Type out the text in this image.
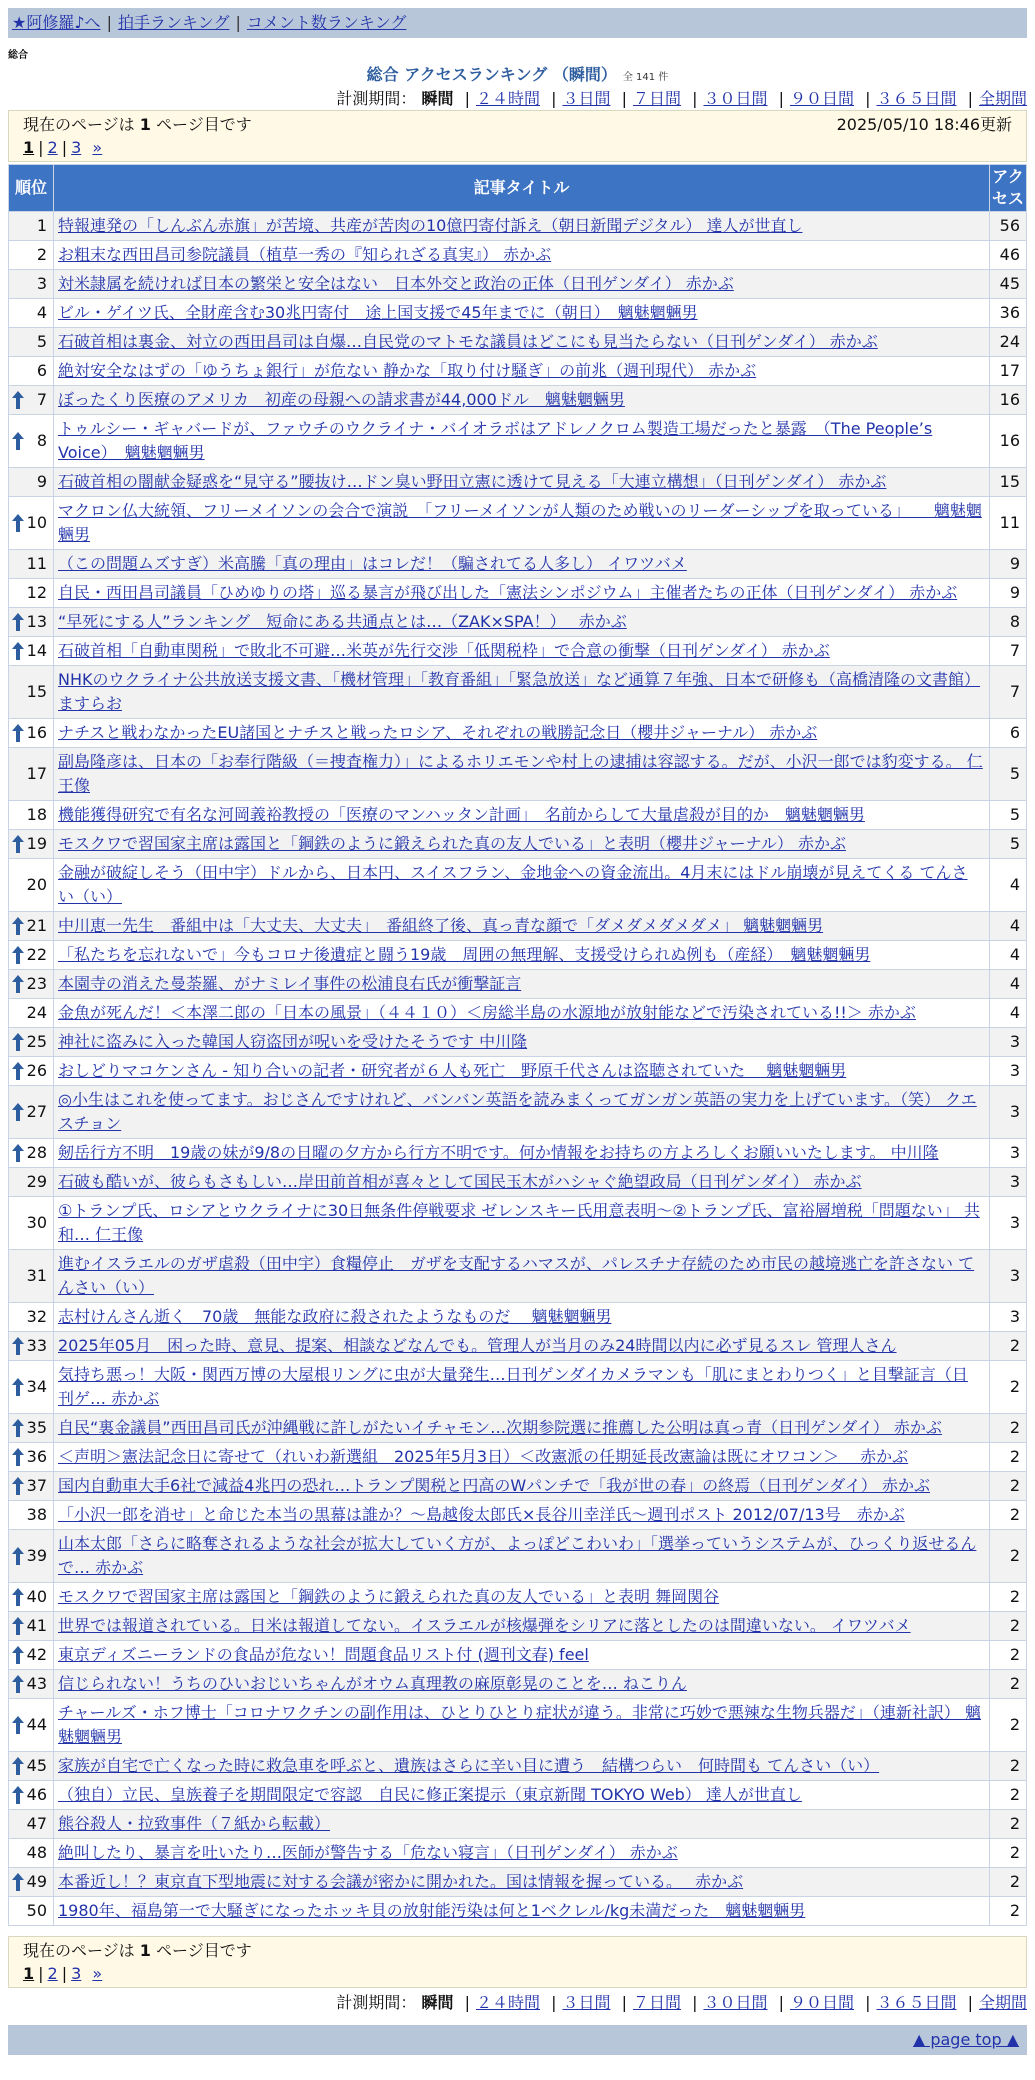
★阿修羅♪へ | 拍手ランキング | コメント数ランキング
総合
総合 アクセスランキング （瞬間） 全 141 件
計測期間： 瞬間 | ２４時間 | ３日間 | ７日間 | ３０日間 | ９０日間 | ３６５日間 | 全期間
現在のページは 1 ページ目です	2025/05/10 18:46更新
1 | 2 | 3 »
順位	記事タイトル	アクセス
1	特報連発の「しんぶん赤旗」が苦境、共産が苦肉の10億円寄付訴え（朝日新聞デジタル） 達人が世直し	56
2	お粗末な西田昌司参院議員（植草一秀の『知られざる真実』） 赤かぶ	46
3	対米隷属を続ければ日本の繁栄と安全はない　日本外交と政治の正体（日刊ゲンダイ） 赤かぶ	45
4	ビル・ゲイツ氏、全財産含む30兆円寄付　途上国支援で45年までに（朝日）　魑魅魍魎男	36
5	石破首相は裏金、対立の西田昌司は自爆…自民党のマトモな議員はどこにも見当たらない（日刊ゲンダイ） 赤かぶ	24
6	絶対安全なはずの「ゆうちょ銀行」が危ない 静かな「取り付け騒ぎ」の前兆（週刊現代） 赤かぶ	17

7	ぼったくり医療のアメリカ　初産の母親への請求書が44,000ドル　魑魅魍魎男	16

8	トゥルシー・ギャバードが、ファウチのウクライナ・バイオラボはアドレノクロム製造工場だったと暴露　（The People’s Voice）　魑魅魍魎男	16
9	石破首相の闇献金疑惑を“見守る”腰抜け…ドン臭い野田立憲に透けて見える「大連立構想」（日刊ゲンダイ） 赤かぶ	15

10	マクロン仏大統領、フリーメイソンの会合で演説　「フリーメイソンが人類のため戦いのリーダーシップを取っている」　　魑魅魍魎男	11
11	（この問題ムズすぎ）米高騰「真の理由」はコレだ！（騙されてる人多し） イワツバメ	9
12	自民・西田昌司議員「ひめゆりの塔」巡る暴言が飛び出した「憲法シンポジウム」主催者たちの正体（日刊ゲンダイ） 赤かぶ	9

13	“早死にする人”ランキング　短命にある共通点とは…（ZAK×SPA！）　 赤かぶ	8

14	石破首相「自動車関税」で敗北不可避…米英が先行交渉「低関税枠」で合意の衝撃（日刊ゲンダイ） 赤かぶ	7
15	NHKのウクライナ公共放送支援文書、「機材管理」「教育番組」「緊急放送」など通算７年強、日本で研修も（高橋清隆の文書館） ますらお	7

16	ナチスと戦わなかったEU諸国とナチスと戦ったロシア、それぞれの戦勝記念日（櫻井ジャーナル） 赤かぶ	6
17	副島隆彦は、日本の「お奉行階級（＝捜査権力）」によるホリエモンや村上の逮捕は容認する。だが、小沢一郎では豹変する。 仁王像	5
18	機能獲得研究で有名な河岡義裕教授の「医療のマンハッタン計画」　名前からして大量虐殺が目的か　魑魅魍魎男	5

19	モスクワで習国家主席は露国と「鋼鉄のように鍛えられた真の友人でいる」と表明（櫻井ジャーナル） 赤かぶ	5
20	金融が破綻しそう（田中宇）ドルから、日本円、スイスフラン、金地金への資金流出。4月末にはドル崩壊が見えてくる てんさい（い）	4

21	中川恵一先生　番組中は「大丈夫、大丈夫」　番組終了後、真っ青な顔で「ダメダメダメダメ」 魑魅魍魎男	4

22	「私たちを忘れないで」今もコロナ後遺症と闘う19歳　周囲の無理解、支援受けられぬ例も（産経）　魑魅魍魎男	4

23	本園寺の消えた曼荼羅、がナミレイ事件の松浦良右氏が衝撃証言	4
24	金魚が死んだ！＜本澤二郎の「日本の風景」（４４１０）＜房総半島の水源地が放射能などで汚染されている!!＞ 赤かぶ	4

25	神社に盗みに入った韓国人窃盗団が呪いを受けたそうです 中川隆	3

26	おしどりマコケンさん - 知り合いの記者・研究者が６人も死亡　野原千代さんは盗聴されていた　 魑魅魍魎男	3

27	◎小生はこれを使ってます。おじさんですけれど、バンバン英語を読みまくってガンガン英語の実力を上げています。（笑） クエスチョン	3

28	剱岳行方不明　19歳の妹が9/8の日曜の夕方から行方不明です。何か情報をお持ちの方よろしくお願いいたします。 中川隆	3
29	石破も酷いが、彼らもさもしい…岸田前首相が喜々として国民玉木がハシャぐ絶望政局（日刊ゲンダイ） 赤かぶ	3
30	①トランプ氏、ロシアとウクライナに30日無条件停戦要求 ゼレンスキー氏用意表明～②トランプ氏、富裕層増税「問題ない」 共和… 仁王像	3
31	進むイスラエルのガザ虐殺（田中宇）食糧停止　ガザを支配するハマスが、パレスチナ存続のため市民の越境逃亡を許さない てんさい（い）	3
32	志村けんさん逝く　70歳　無能な政府に殺されたようなものだ　 魑魅魍魎男	3

33	2025年05月　困った時、意見、提案、相談などなんでも。管理人が当月のみ24時間以内に必ず見るスレ 管理人さん	2

34	気持ち悪っ！大阪・関西万博の大屋根リングに虫が大量発生…日刊ゲンダイカメラマンも「肌にまとわりつく」と目撃証言（日刊ゲ… 赤かぶ	2

35	自民“裏金議員”西田昌司氏が沖縄戦に許しがたいイチャモン…次期参院選に推薦した公明は真っ青（日刊ゲンダイ） 赤かぶ	2

36	＜声明＞憲法記念日に寄せて（れいわ新選組　2025年5月3日）＜改憲派の任期延長改憲論は既にオワコン＞　 赤かぶ	2

37	国内自動車大手6社で減益4兆円の恐れ…トランプ関税と円高のWパンチで「我が世の春」の終焉（日刊ゲンダイ） 赤かぶ	2
38	「小沢一郎を消せ」と命じた本当の黒幕は誰か？～島越俊太郎氏×長谷川幸洋氏～週刊ポスト 2012/07/13号　赤かぶ	2

39	山本太郎「さらに略奪されるような社会が拡大していく方が、よっぽどこわいわ」「選挙っていうシステムが、ひっくり返せるんで… 赤かぶ	2

40	モスクワで習国家主席は露国と「鋼鉄のように鍛えられた真の友人でいる」と表明 舞岡関谷	2

41	世界では報道されている。日米は報道してない。イスラエルが核爆弾をシリアに落としたのは間違いない。 イワツバメ	2

42	東京ディズニーランドの食品が危ない！問題食品リスト付 (週刊文春) feel	2

43	信じられない！うちのひいおじいちゃんがオウム真理教の麻原彰晃のことを… ねこりん	2

44	チャールズ・ホフ博士「コロナワクチンの副作用は、ひとりひとり症状が違う。非常に巧妙で悪辣な生物兵器だ」（連新社訳） 魑魅魍魎男	2

45	家族が自宅で亡くなった時に救急車を呼ぶと、遺族はさらに辛い目に遭う　結構つらい　何時間も てんさい（い）	2

46	（独自）立民、皇族養子を期間限定で容認　自民に修正案提示（東京新聞 TOKYO Web） 達人が世直し	2
47	熊谷殺人・拉致事件（７紙から転載）	2
48	絶叫したり、暴言を吐いたり…医師が警告する「危ない寝言」（日刊ゲンダイ） 赤かぶ	2

49	本番近し！？東京直下型地震に対する会議が密かに開かれた。国は情報を握っている。　 赤かぶ	2
50	1980年、福島第一で大騒ぎになったホッキ貝の放射能汚染は何と1ベクレル/kg未満だった　魑魅魍魎男	2
現在のページは 1 ページ目です
1 | 2 | 3 »
計測期間： 瞬間 | ２４時間 | ３日間 | ７日間 | ３０日間 | ９０日間 | ３６５日間 | 全期間
▲ page top ▲
